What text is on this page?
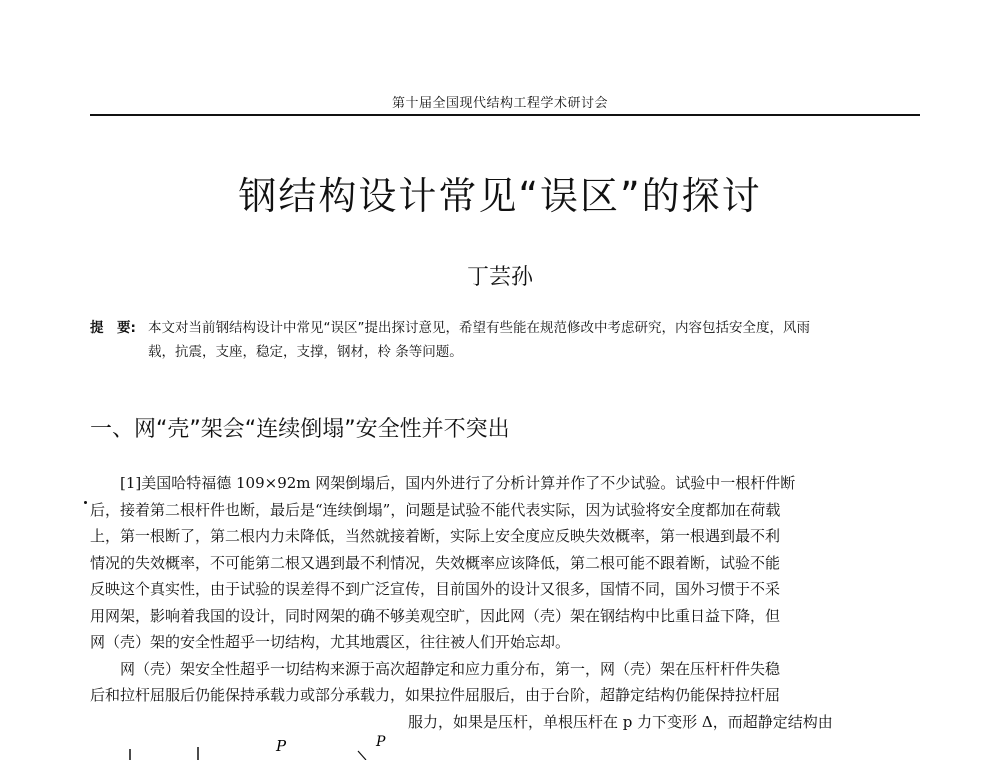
第十届全国现代结构工程学术研讨会
钢结构设计常见“误区”的探讨
丁芸孙
提　要: 本文对当前钢结构设计中常见“误区”提出探讨意见，希望有些能在规范修改中考虑研究，内容包括安全度，风雨
载，抗震，支座，稳定，支撑，钢材，柃 条等问题。
一、网“壳”架会“连续倒塌”安全性并不突出
[1]美国哈特福德 109×92m 网架倒塌后，国内外进行了分析计算并作了不少试验。试验中一根杆件断
后，接着第二根杆件也断，最后是“连续倒塌”，问题是试验不能代表实际，因为试验将安全度都加在荷载
上，第一根断了，第二根内力未降低，当然就接着断，实际上安全度应反映失效概率，第一根遇到最不利
情况的失效概率，不可能第二根又遇到最不利情况，失效概率应该降低，第二根可能不跟着断，试验不能
反映这个真实性，由于试验的误差得不到广泛宣传，目前国外的设计又很多，国情不同，国外习惯于不采
用网架，影响着我国的设计，同时网架的确不够美观空旷，因此网（壳）架在钢结构中比重日益下降，但
网（壳）架的安全性超乎一切结构，尤其地震区，往往被人们开始忘却。
网（壳）架安全性超乎一切结构来源于高次超静定和应力重分布，第一，网（壳）架在压杆杆件失稳
后和拉杆屈服后仍能保持承载力或部分承载力，如果拉件屈服后，由于台阶，超静定结构仍能保持拉杆屈
服力，如果是压杆，单根压杆在 p 力下变形 Δ，而超静定结构由
P	P
